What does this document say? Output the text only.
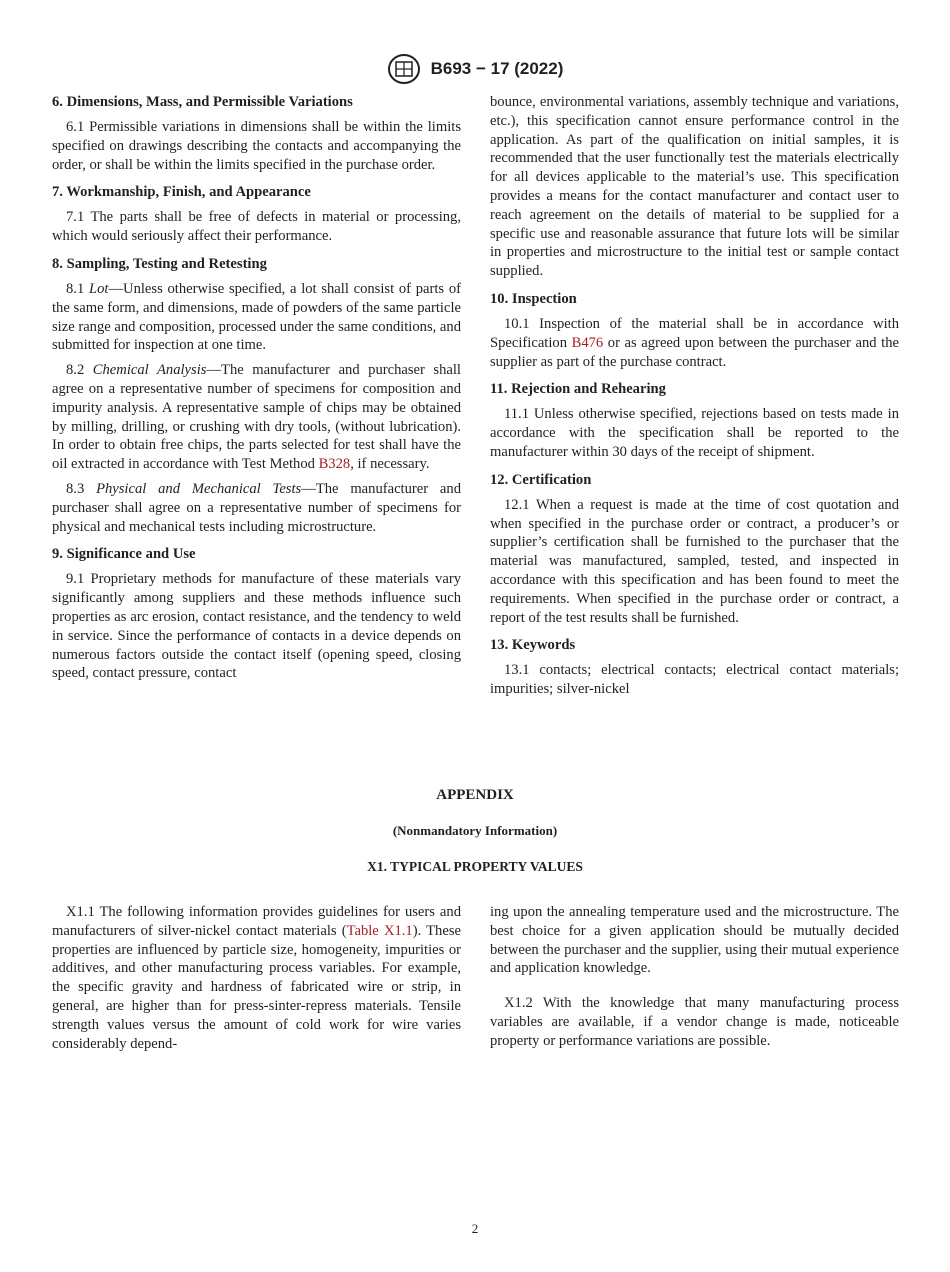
B693 − 17 (2022)
6. Dimensions, Mass, and Permissible Variations

6.1 Permissible variations in dimensions shall be within the limits specified on drawings describing the contacts and accompanying the order, or shall be within the limits specified in the purchase order.

7. Workmanship, Finish, and Appearance

7.1 The parts shall be free of defects in material or processing, which would seriously affect their performance.

8. Sampling, Testing and Retesting

8.1 Lot—Unless otherwise specified, a lot shall consist of parts of the same form, and dimensions, made of powders of the same particle size range and composition, processed under the same conditions, and submitted for inspection at one time.

8.2 Chemical Analysis—The manufacturer and purchaser shall agree on a representative number of specimens for composition and impurity analysis. A representative sample of chips may be obtained by milling, drilling, or crushing with dry tools, (without lubrication). In order to obtain free chips, the parts selected for test shall have the oil extracted in accordance with Test Method B328, if necessary.

8.3 Physical and Mechanical Tests—The manufacturer and purchaser shall agree on a representative number of specimens for physical and mechanical tests including microstructure.

9. Significance and Use

9.1 Proprietary methods for manufacture of these materials vary significantly among suppliers and these methods influence such properties as arc erosion, contact resistance, and the tendency to weld in service. Since the performance of contacts in a device depends on numerous factors outside the contact itself (opening speed, closing speed, contact pressure, contact

bounce, environmental variations, assembly technique and variations, etc.), this specification cannot ensure performance control in the application. As part of the qualification on initial samples, it is recommended that the user functionally test the materials electrically for all devices applicable to the material’s use. This specification provides a means for the contact manufacturer and contact user to reach agreement on the details of material to be supplied for a specific use and reasonable assurance that future lots will be similar in properties and microstructure to the initial test or sample contact supplied.

10. Inspection

10.1 Inspection of the material shall be in accordance with Specification B476 or as agreed upon between the purchaser and the supplier as part of the purchase contract.

11. Rejection and Rehearing

11.1 Unless otherwise specified, rejections based on tests made in accordance with the specification shall be reported to the manufacturer within 30 days of the receipt of shipment.

12. Certification

12.1 When a request is made at the time of cost quotation and when specified in the purchase order or contract, a producer’s or supplier’s certification shall be furnished to the purchaser that the material was manufactured, sampled, tested, and inspected in accordance with this specification and has been found to meet the requirements. When specified in the purchase order or contract, a report of the test results shall be furnished.

13. Keywords

13.1 contacts; electrical contacts; electrical contact materials; impurities; silver-nickel

APPENDIX
(Nonmandatory Information)
X1. TYPICAL PROPERTY VALUES

X1.1 The following information provides guidelines for users and manufacturers of silver-nickel contact materials (Table X1.1). These properties are influenced by particle size, homogeneity, impurities or additives, and other manufacturing process variables. For example, the specific gravity and hardness of fabricated wire or strip, in general, are higher than for press-sinter-repress materials. Tensile strength values versus the amount of cold work for wire varies considerably depend-

ing upon the annealing temperature used and the microstructure. The best choice for a given application should be mutually decided between the purchaser and the supplier, using their mutual experience and application knowledge.

X1.2 With the knowledge that many manufacturing process variables are available, if a vendor change is made, noticeable property or performance variations are possible.

2
